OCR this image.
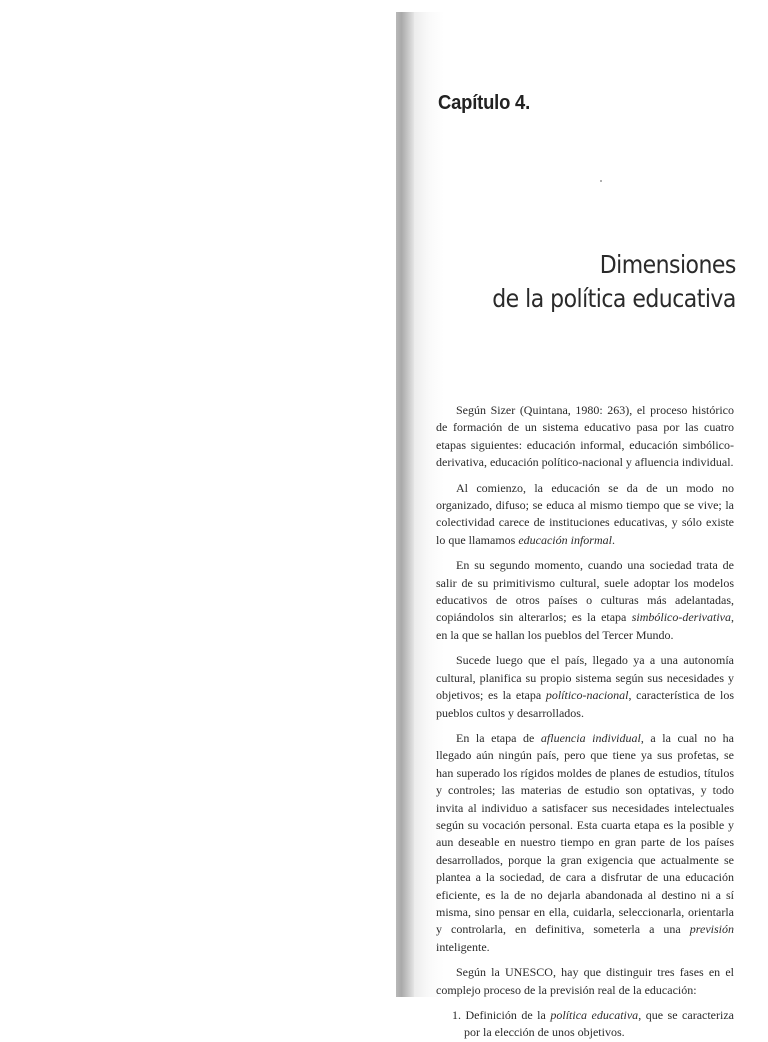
Capítulo 4.
Dimensiones
de la política educativa

Según Sizer (Quintana, 1980: 263), el proceso histórico de formación de un sistema educativo pasa por las cuatro etapas siguientes: educación informal, educación simbólico-derivativa, educación político-nacional y afluencia individual.

Al comienzo, la educación se da de un modo no organizado, difuso; se educa al mismo tiempo que se vive; la colectividad carece de instituciones educativas, y sólo existe lo que llamamos educación informal.

En su segundo momento, cuando una sociedad trata de salir de su primitivismo cultural, suele adoptar los modelos educativos de otros países o culturas más adelantadas, copiándolos sin alterarlos; es la etapa simbólico-derivativa, en la que se hallan los pueblos del Tercer Mundo.

Sucede luego que el país, llegado ya a una autonomía cultural, planifica su propio sistema según sus necesidades y objetivos; es la etapa político-nacional, característica de los pueblos cultos y desarrollados.

En la etapa de afluencia individual, a la cual no ha llegado aún ningún país, pero que tiene ya sus profetas, se han superado los rígidos moldes de planes de estudios, títulos y controles; las materias de estudio son optativas, y todo invita al individuo a satisfacer sus necesidades intelectuales según su vocación personal. Esta cuarta etapa es la posible y aun deseable en nuestro tiempo en gran parte de los países desarrollados, porque la gran exigencia que actualmente se plantea a la sociedad, de cara a disfrutar de una educación eficiente, es la de no dejarla abandonada al destino ni a sí misma, sino pensar en ella, cuidarla, seleccionarla, orientarla y controlarla, en definitiva, someterla a una previsión inteligente.

Según la UNESCO, hay que distinguir tres fases en el complejo proceso de la previsión real de la educación:

1. Definición de la política educativa, que se caracteriza por la elección de unos objetivos.
